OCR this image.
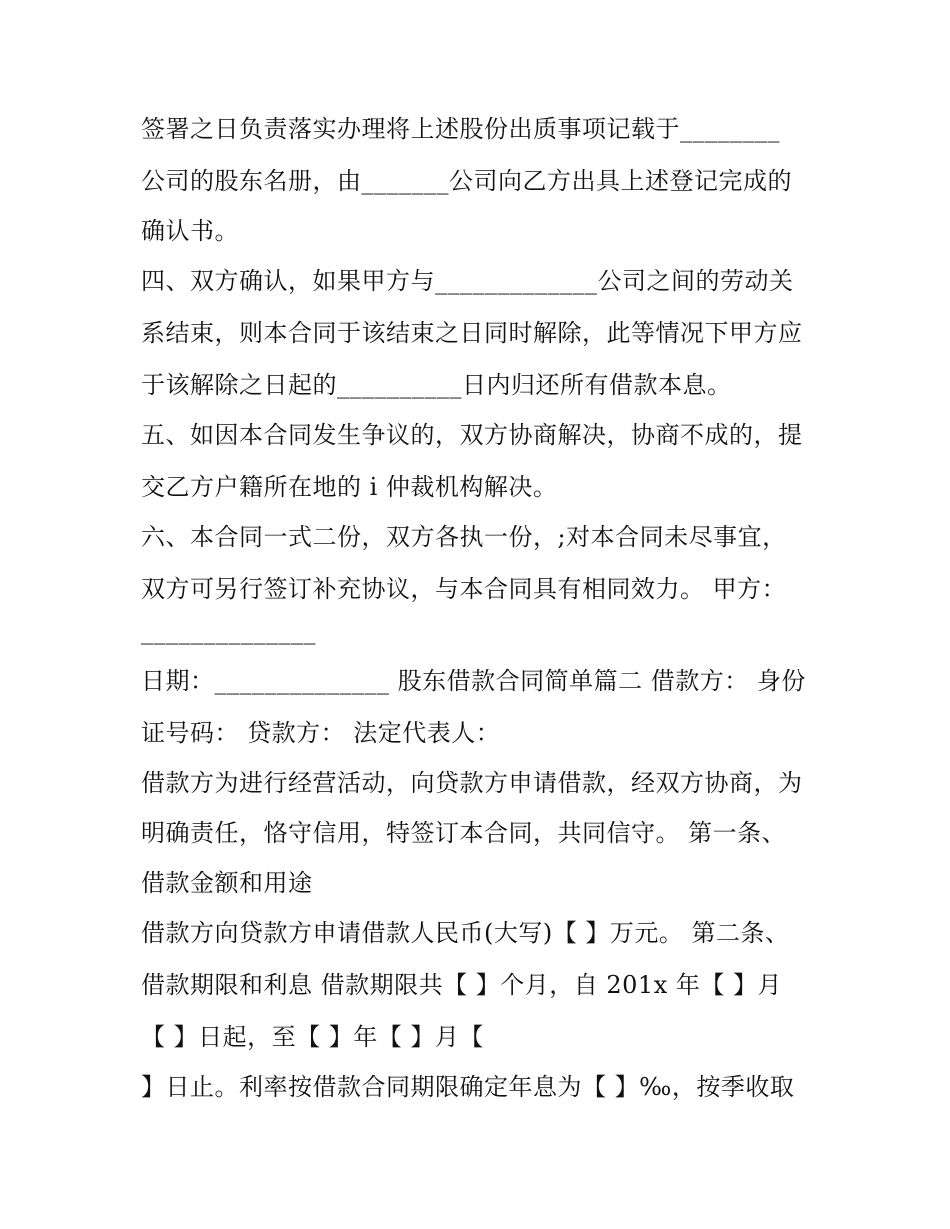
签署之日负责落实办理将上述股份出质事项记载于________
公司的股东名册，由_______公司向乙方出具上述登记完成的
确认书。
四、双方确认，如果甲方与_____________公司之间的劳动关
系结束，则本合同于该结束之日同时解除，此等情况下甲方应
于该解除之日起的__________日内归还所有借款本息。
五、如因本合同发生争议的，双方协商解决，协商不成的，提
交乙方户籍所在地的 i 仲裁机构解决。
六、本合同一式二份，双方各执一份，;对本合同未尽事宜，
双方可另行签订补充协议，与本合同具有相同效力。 甲方：
______________
日期：______________ 股东借款合同简单篇二 借款方： 身份
证号码： 贷款方： 法定代表人：
借款方为进行经营活动，向贷款方申请借款，经双方协商，为
明确责任，恪守信用，特签订本合同，共同信守。 第一条、
借款金额和用途
借款方向贷款方申请借款人民币(大写)【 】万元。 第二条、
借款期限和利息 借款期限共【 】个月，自 201x 年【 】月
【 】日起，至【 】年【 】月【
】日止。利率按借款合同期限确定年息为【 】‰，按季收取
